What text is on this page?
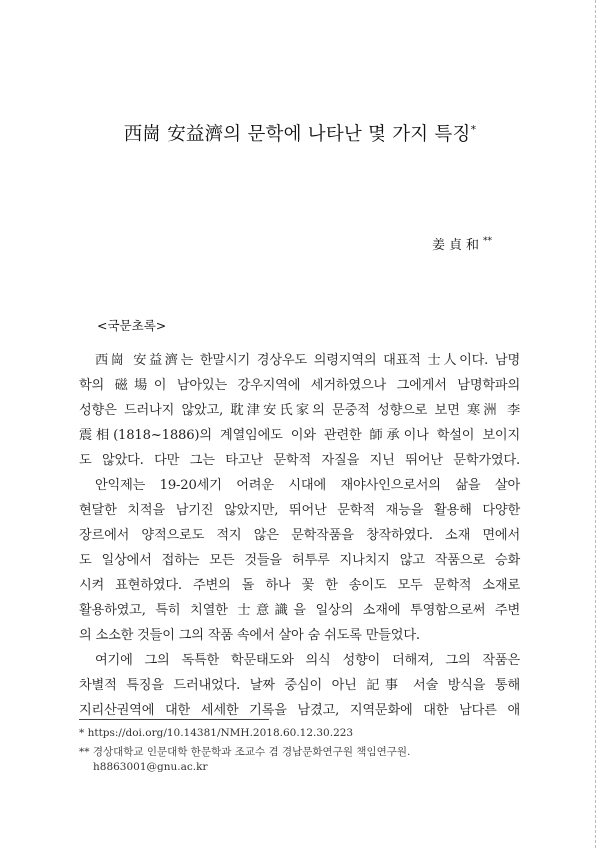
西崗 安益濟의 문학에 나타난 몇 가지 특징*
姜貞和**
<국문초록>
西崗 安益濟는 한말시기 경상우도 의령지역의 대표적 士人이다. 남명
학의 磁場이 남아있는 강우지역에 세거하였으나 그에게서 남명학파의
성향은 드러나지 않았고, 耽津安氏家의 문중적 성향으로 보면 寒洲 李
震相(1818~1886)의 계열임에도 이와 관련한 師承이나 학설이 보이지
도 않았다. 다만 그는 타고난 문학적 자질을 지닌 뛰어난 문학가였다.
안익제는 19-20세기 어려운 시대에 재야사인으로서의 삶을 살아
현달한 치적을 남기진 않았지만, 뛰어난 문학적 재능을 활용해 다양한
장르에서 양적으로도 적지 않은 문학작품을 창작하였다. 소재 면에서
도 일상에서 접하는 모든 것들을 허투루 지나치지 않고 작품으로 승화
시켜 표현하였다. 주변의 돌 하나 꽃 한 송이도 모두 문학적 소재로
활용하였고, 특히 치열한 士意識을 일상의 소재에 투영함으로써 주변
의 소소한 것들이 그의 작품 속에서 살아 숨 쉬도록 만들었다.
여기에 그의 독특한 학문태도와 의식 성향이 더해져, 그의 작품은
차별적 특징을 드러내었다. 날짜 중심이 아닌 記事 서술 방식을 통해
지리산권역에 대한 세세한 기록을 남겼고, 지역문화에 대한 남다른 애
* https://doi.org/10.14381/NMH.2018.60.12.30.223
** 경상대학교 인문대학 한문학과 조교수 겸 경남문화연구원 책임연구원.
h8863001@gnu.ac.kr
